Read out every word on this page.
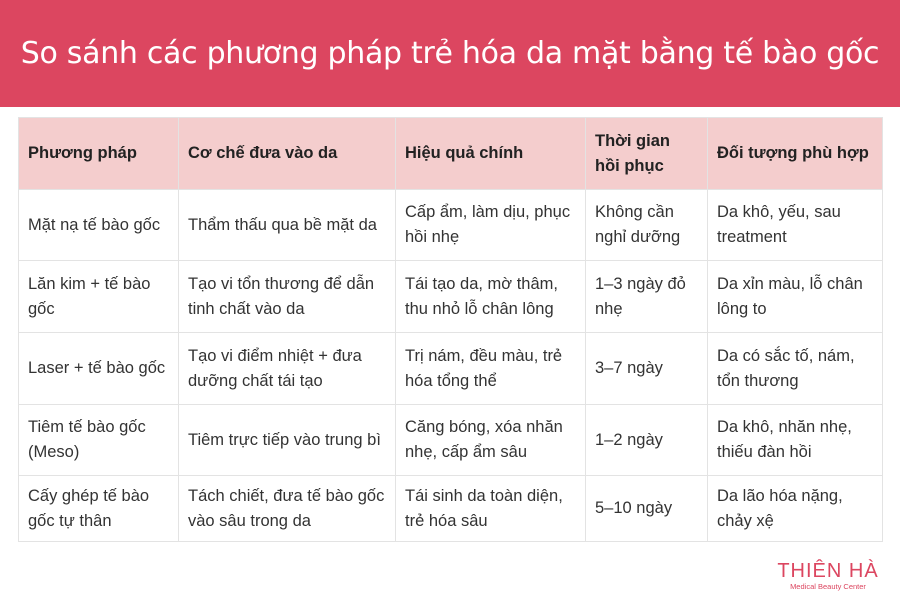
So sánh các phương pháp trẻ hóa da mặt bằng tế bào gốc
Phương pháp	Cơ chế đưa vào da	Hiệu quả chính	Thời gian hồi phục	Đối tượng phù hợp
Mặt nạ tế bào gốc	Thẩm thấu qua bề mặt da	Cấp ẩm, làm dịu, phục hồi nhẹ	Không cần nghỉ dưỡng	Da khô, yếu, sau treatment
Lăn kim + tế bào gốc	Tạo vi tổn thương để dẫn tinh chất vào da	Tái tạo da, mờ thâm, thu nhỏ lỗ chân lông	1–3 ngày đỏ nhẹ	Da xỉn màu, lỗ chân lông to
Laser + tế bào gốc	Tạo vi điểm nhiệt + đưa dưỡng chất tái tạo	Trị nám, đều màu, trẻ hóa tổng thể	3–7 ngày	Da có sắc tố, nám, tổn thương
Tiêm tế bào gốc (Meso)	Tiêm trực tiếp vào trung bì	Căng bóng, xóa nhăn nhẹ, cấp ẩm sâu	1–2 ngày	Da khô, nhăn nhẹ, thiếu đàn hồi
Cấy ghép tế bào gốc tự thân	Tách chiết, đưa tế bào gốc vào sâu trong da	Tái sinh da toàn diện, trẻ hóa sâu	5–10 ngày	Da lão hóa nặng, chảy xệ
THIÊN HÀ
Medical Beauty Center
